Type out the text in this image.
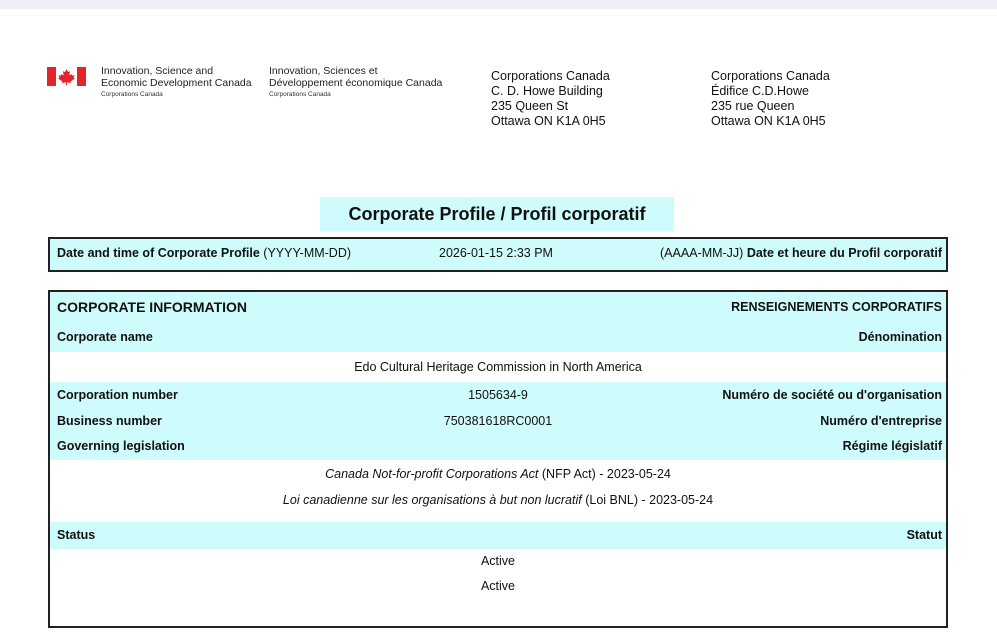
Innovation, Science and
Economic Development Canada
Corporations Canada
Innovation, Sciences et
Développement économique Canada
Corporations Canada
Corporations Canada
C. D. Howe Building
235 Queen St
Ottawa ON K1A 0H5
Corporations Canada
Édifice C.D.Howe
235 rue Queen
Ottawa ON K1A 0H5
Corporate Profile / Profil corporatif
Date and time of Corporate Profile (YYYY-MM-DD)	2026-01-15 2:33 PM	(AAAA-MM-JJ) Date et heure du Profil corporatif
CORPORATE INFORMATION	RENSEIGNEMENTS CORPORATIFS
Corporate name	Dénomination
Edo Cultural Heritage Commission in North America
Corporation number	1505634-9	Numéro de société ou d'organisation
Business number	750381618RC0001	Numéro d'entreprise
Governing legislation	Régime législatif
Canada Not-for-profit Corporations Act (NFP Act) - 2023-05-24
Loi canadienne sur les organisations à but non lucratif (Loi BNL) - 2023-05-24
Status	Statut
Active
Active
